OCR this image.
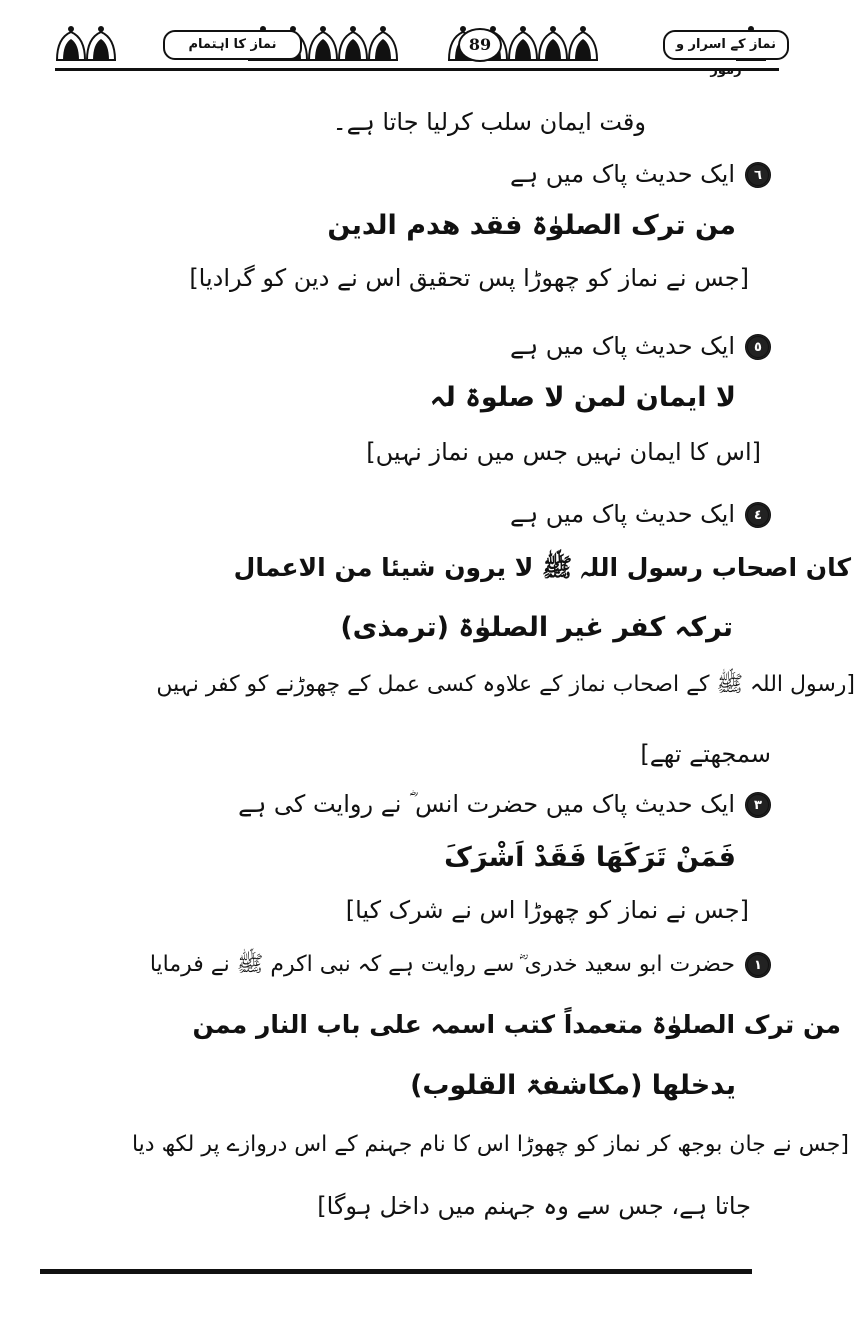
نماز کا اہتمام	89	نماز کے اسرار و
وقت ایمان سلب کرلیا جاتا ہے۔
٦ایک حدیث پاک میں ہے
من ترک الصلوٰۃ فقد ھدم الدین
[جس نے نماز کو چھوڑا پس تحقیق اس نے دین کو گرادیا]
٥ایک حدیث پاک میں ہے
لا ایمان لمن لا صلوۃ لہ
[اس کا ایمان نہیں جس میں نماز نہیں]
٤ایک حدیث پاک میں ہے
کان اصحاب رسول اللہ ﷺ لا یرون شیئا من الاعمال
ترکہ کفر غیر الصلوٰۃ (ترمذی)
[رسول اللہ ﷺ کے اصحاب نماز کے علاوہ کسی عمل کے چھوڑنے کو کفر نہیں
سمجھتے تھے]
٣ایک حدیث پاک میں حضرت انس ؓ نے روایت کی ہے
فَمَنْ تَرَکَهَا فَقَدْ اَشْرَکَ
[جس نے نماز کو چھوڑا اس نے شرک کیا]
١حضرت ابو سعید خدری ؓ سے روایت ہے کہ نبی اکرم ﷺ نے فرمایا
من ترک الصلوٰۃ متعمداً کتب اسمہ علی باب النار ممن
یدخلھا (مکاشفۃ القلوب)
[جس نے جان بوجھ کر نماز کو چھوڑا اس کا نام جہنم کے اس دروازے پر لکھ دیا
جاتا ہے، جس سے وہ جہنم میں داخل ہوگا]
